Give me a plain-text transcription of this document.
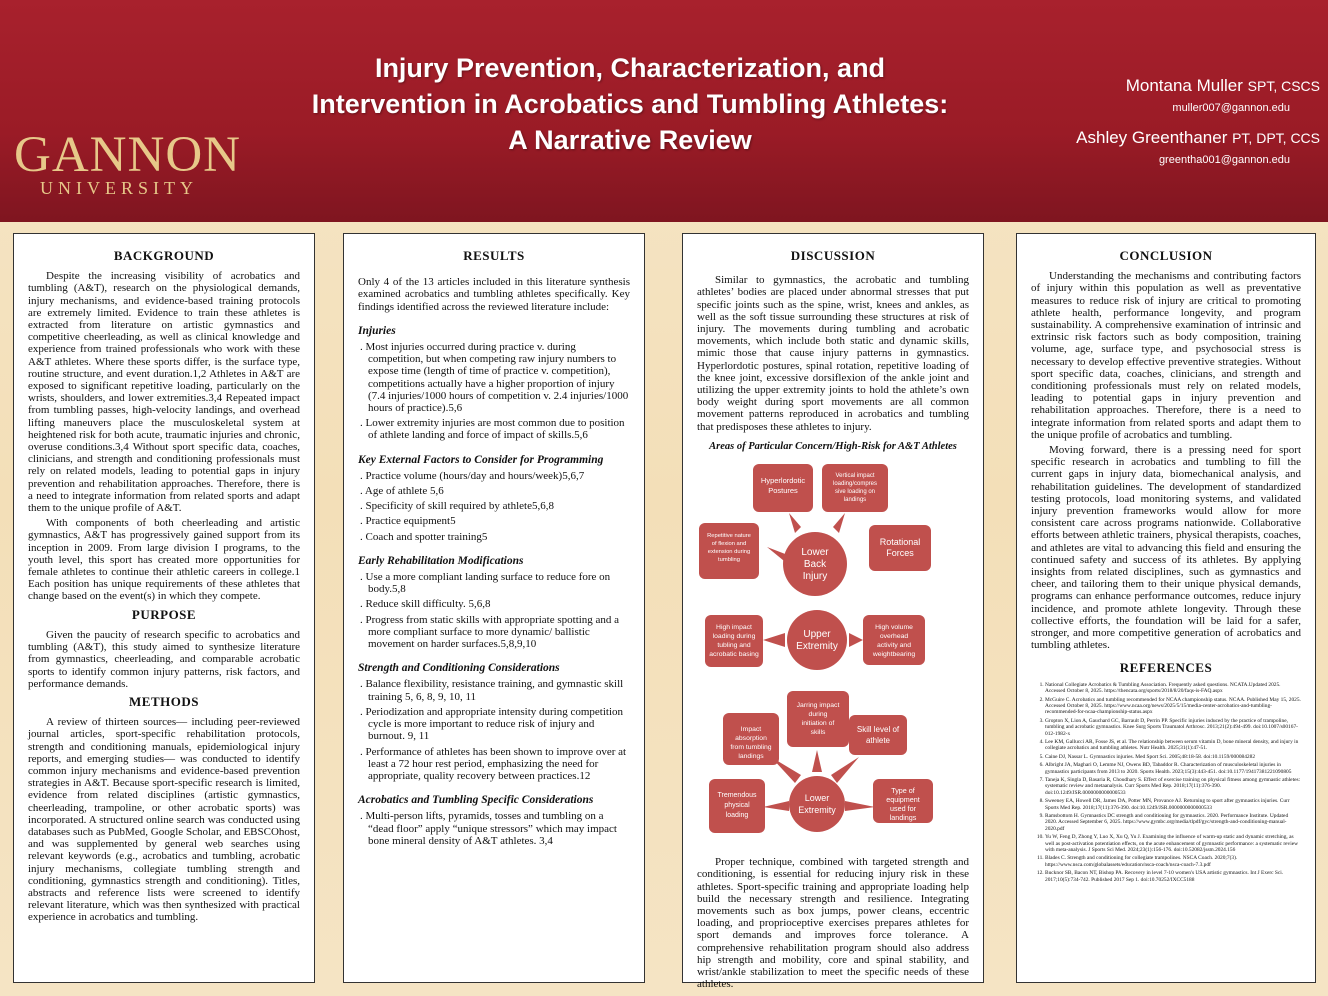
GANNON
UNIVERSITY
Injury Prevention, Characterization, and
Intervention in Acrobatics and Tumbling Athletes:
A Narrative Review
Montana Muller SPT, CSCS
muller007@gannon.edu
Ashley Greenthaner PT, DPT, CCS
greentha001@gannon.edu
BACKGROUND

Despite the increasing visibility of acrobatics and tumbling (A&T), research on the physiological demands, injury mechanisms, and evidence-based training protocols are extremely limited. Evidence to train these athletes is extracted from literature on artistic gymnastics and competitive cheerleading, as well as clinical knowledge and experience from trained professionals who work with these A&T athletes. Where these sports differ, is the surface type, routine structure, and event duration.1,2 Athletes in A&T are exposed to significant repetitive loading, particularly on the wrists, shoulders, and lower extremities.3,4 Repeated impact from tumbling passes, high-velocity landings, and overhead lifting maneuvers place the musculoskeletal system at heightened risk for both acute, traumatic injuries and chronic, overuse conditions.3,4 Without sport specific data, coaches, clinicians, and strength and conditioning professionals must rely on related models, leading to potential gaps in injury prevention and rehabilitation approaches. Therefore, there is a need to integrate information from related sports and adapt them to the unique profile of A&T.

With components of both cheerleading and artistic gymnastics, A&T has progressively gained support from its inception in 2009. From large division I programs, to the youth level, this sport has created more opportunities for female athletes to continue their athletic careers in college.1 Each position has unique requirements of these athletes that change based on the event(s) in which they compete.

PURPOSE

Given the paucity of research specific to acrobatics and tumbling (A&T), this study aimed to synthesize literature from gymnastics, cheerleading, and comparable acrobatic sports to identify common injury patterns, risk factors, and performance demands.

METHODS

A review of thirteen sources— including peer-reviewed journal articles, sport-specific rehabilitation protocols, strength and conditioning manuals, epidemiological injury reports, and emerging studies— was conducted to identify common injury mechanisms and evidence-based prevention strategies in A&T. Because sport-specific research is limited, evidence from related disciplines (artistic gymnastics, cheerleading, trampoline, or other acrobatic sports) was incorporated. A structured online search was conducted using databases such as PubMed, Google Scholar, and EBSCOhost, and was supplemented by general web searches using relevant keywords (e.g., acrobatics and tumbling, acrobatic injury mechanisms, collegiate tumbling strength and conditioning, gymnastics strength and conditioning). Titles, abstracts and reference lists were screened to identify relevant literature, which was then synthesized with practical experience in acrobatics and tumbling.

RESULTS

Only 4 of the 13 articles included in this literature synthesis examined acrobatics and tumbling athletes specifically. Key findings identified across the reviewed literature include:

Injuries
. Most injuries occurred during practice v. during competition, but when competing raw injury numbers to expose time (length of time of practice v. competition), competitions actually have a higher proportion of injury (7.4 injuries/1000 hours of competition v. 2.4 injuries/1000 hours of practice).5,6
. Lower extremity injuries are most common due to position of athlete landing and force of impact of skills.5,6
Key External Factors to Consider for Programming
. Practice volume (hours/day and hours/week)5,6,7
. Age of athlete 5,6
. Specificity of skill required by athlete5,6,8
. Practice equipment5
. Coach and spotter training5
Early Rehabilitation Modifications
. Use a more compliant landing surface to reduce fore on body.5,8
. Reduce skill difficulty. 5,6,8
. Progress from static skills with appropriate spotting and a more compliant surface to more dynamic/ ballistic movement on harder surfaces.5,8,9,10
Strength and Conditioning Considerations
. Balance flexibility, resistance training, and gymnastic skill training 5, 6, 8, 9, 10, 11
. Periodization and appropriate intensity during competition cycle is more important to reduce risk of injury and burnout. 9, 11
. Performance of athletes has been shown to improve over at least a 72 hour rest period, emphasizing the need for appropriate, quality recovery between practices.12
Acrobatics and Tumbling Specific Considerations
. Multi-person lifts, pyramids, tosses and tumbling on a “dead floor” apply “unique stressors” which may impact bone mineral density of A&T athletes. 3,4
DISCUSSION

Similar to gymnastics, the acrobatic and tumbling athletes’ bodies are placed under abnormal stresses that put specific joints such as the spine, wrist, knees and ankles, as well as the soft tissue surrounding these structures at risk of injury. The movements during tumbling and acrobatic movements, which include both static and dynamic skills, mimic those that cause injury patterns in gymnastics. Hyperlordotic postures, spinal rotation, repetitive loading of the knee joint, excessive dorsiflexion of the ankle joint and utilizing the upper extremity joints to hold the athlete’s own body weight during sport movements are all common movement patterns reproduced in acrobatics and tumbling that predisposes these athletes to injury.

Areas of Particular Concern/High-Risk for A&T Athletes
Lower Back Injury
Hyperlordotic Postures
Vertical impact loading/compres sive loading on landings
Repetitive nature of flexion and extension during tumbling
Rotational Forces
Upper Extremity
High impact loading during tubling and acrobatic basing
High volume overhead activity and weightbearing
Lower Extremity
Jarring impact during initiation of skills
Impact absorption from tumbling landings
Skill level of athlete
Tremendous physical loading
Type of equipment used for landings

Proper technique, combined with targeted strength and conditioning, is essential for reducing injury risk in these athletes. Sport-specific training and appropriate loading help build the necessary strength and resilience. Integrating movements such as box jumps, power cleans, eccentric loading, and proprioceptive exercises prepares athletes for sport demands and improves force tolerance. A comprehensive rehabilitation program should also address hip strength and mobility, core and spinal stability, and wrist/ankle stabilization to meet the specific needs of these athletes.

CONCLUSION

Understanding the mechanisms and contributing factors of injury within this population as well as preventative measures to reduce risk of injury are critical to promoting athlete health, performance longevity, and program sustainability. A comprehensive examination of intrinsic and extrinsic risk factors such as body composition, training volume, age, surface type, and psychosocial stress is necessary to develop effective preventive strategies. Without sport specific data, coaches, clinicians, and strength and conditioning professionals must rely on related models, leading to potential gaps in injury prevention and rehabilitation approaches. Therefore, there is a need to integrate information from related sports and adapt them to the unique profile of acrobatics and tumbling.

Moving forward, there is a pressing need for sport specific research in acrobatics and tumbling to fill the current gaps in injury data, biomechanical analysis, and rehabilitation guidelines. The development of standardized testing protocols, load monitoring systems, and validated injury prevention frameworks would allow for more consistent care across programs nationwide. Collaborative efforts between athletic trainers, physical therapists, coaches, and athletes are vital to advancing this field and ensuring the continued safety and success of its athletes. By applying insights from related disciplines, such as gymnastics and cheer, and tailoring them to their unique physical demands, programs can enhance performance outcomes, reduce injury incidence, and promote athlete longevity. Through these collective efforts, the foundation will be laid for a safer, stronger, and more competitive generation of acrobatics and tumbling athletes.

REFERENCES
1. National Collegiate Acrobatics & Tumbling Association. Frequently asked questions. NCATA.Updated 2025. Accessed October 8, 2025. https://thencata.org/sports/2018/8/20/faqs-is-FAQ.aspx
2. McGuire C. Acrobatics and tumbling recommended for NCAA championship status. NCAA. Published May 15, 2025. Accessed October 8, 2025. https://www.ncaa.org/news/2025/5/15/media-center-acrobatics-and-tumbling-recommended-for-ncaa-championship-status.aspx
3. Gropton X, Lion A, Gauchard GC, Barrault D, Perrin PP. Specific injuries induced by the practice of trampoline, tumbling and acrobatic gymnastics. Knee Surg Sports Traumatol Arthrosc. 2013;21(2):494-499. doi:10.1007/s00167-012-1982-x
4. Lee KM, Gallucci AR, Fosse JS, et al. The relationship between serum vitamin D, bone mineral density, and injury in collegiate acrobatics and tumbling athletes. Nutr Health. 2025;31(1):47-51.
5. Caine DJ, Nassar L. Gymnastics injuries. Med Sport Sci. 2005;48:18-58. doi:10.1159/000084282
6. Albright JA, Maghari O, Lemme NJ, Owens BD, Tabaddor R. Characterization of musculoskeletal injuries in gymnastics participants from 2013 to 2020. Sports Health. 2023;15(3):443-451. doi:10.1177/19417381221090805
7. Taneja K, Singla D, Basaria R, Choudhary S. Effect of exercise training on physical fitness among gymnastic athletes: systematic review and metaanalysis. Curr Sports Med Rep. 2018;17(11):376-390. doi:10.1249/JSR.0000000000000533
8. Sweeney EA, Howell DR, James DA, Potter MN, Provance AJ. Returning to sport after gymnastics injuries. Curr Sports Med Rep. 2018;17(11):376-390. doi:10.1249/JSR.0000000000000533
9. Ramsbottom H. Gymnastics DC strength and conditioning for gymnastics. 2020. Performance Institute. Updated 2020. Accessed September 6, 2025. https://www.gymbc.org/media/tlpdf/gyc/strength-and-conditioning-manual-2020.pdf
10. Yu W, Feng D, Zhong Y, Luo X, Xu Q, Yu J. Examining the influence of warm-up static and dynamic stretching, as well as post-activation potentiation effects, on the acute enhancement of gymnastic performance: a systematic review with meta-analysis. J Sports Sci Med. 2024;23(1):156-176. doi:10.52082/jssm.2024.156
11. Blades C. Strength and conditioning for collegiate trampolines. NSCA Coach. 2020;7(3). https://www.nsca.com/globalassets/education/nsca-coach/nsca-coach-7.3.pdf
12. Bucknor SB, Bacon NT, Bishop PA. Recovery in level 7-10 women's USA artistic gymnastics. Int J Exerc Sci. 2017;10(5):734-742. Published 2017 Sep 1. doi:10.70252/IXCC5188
